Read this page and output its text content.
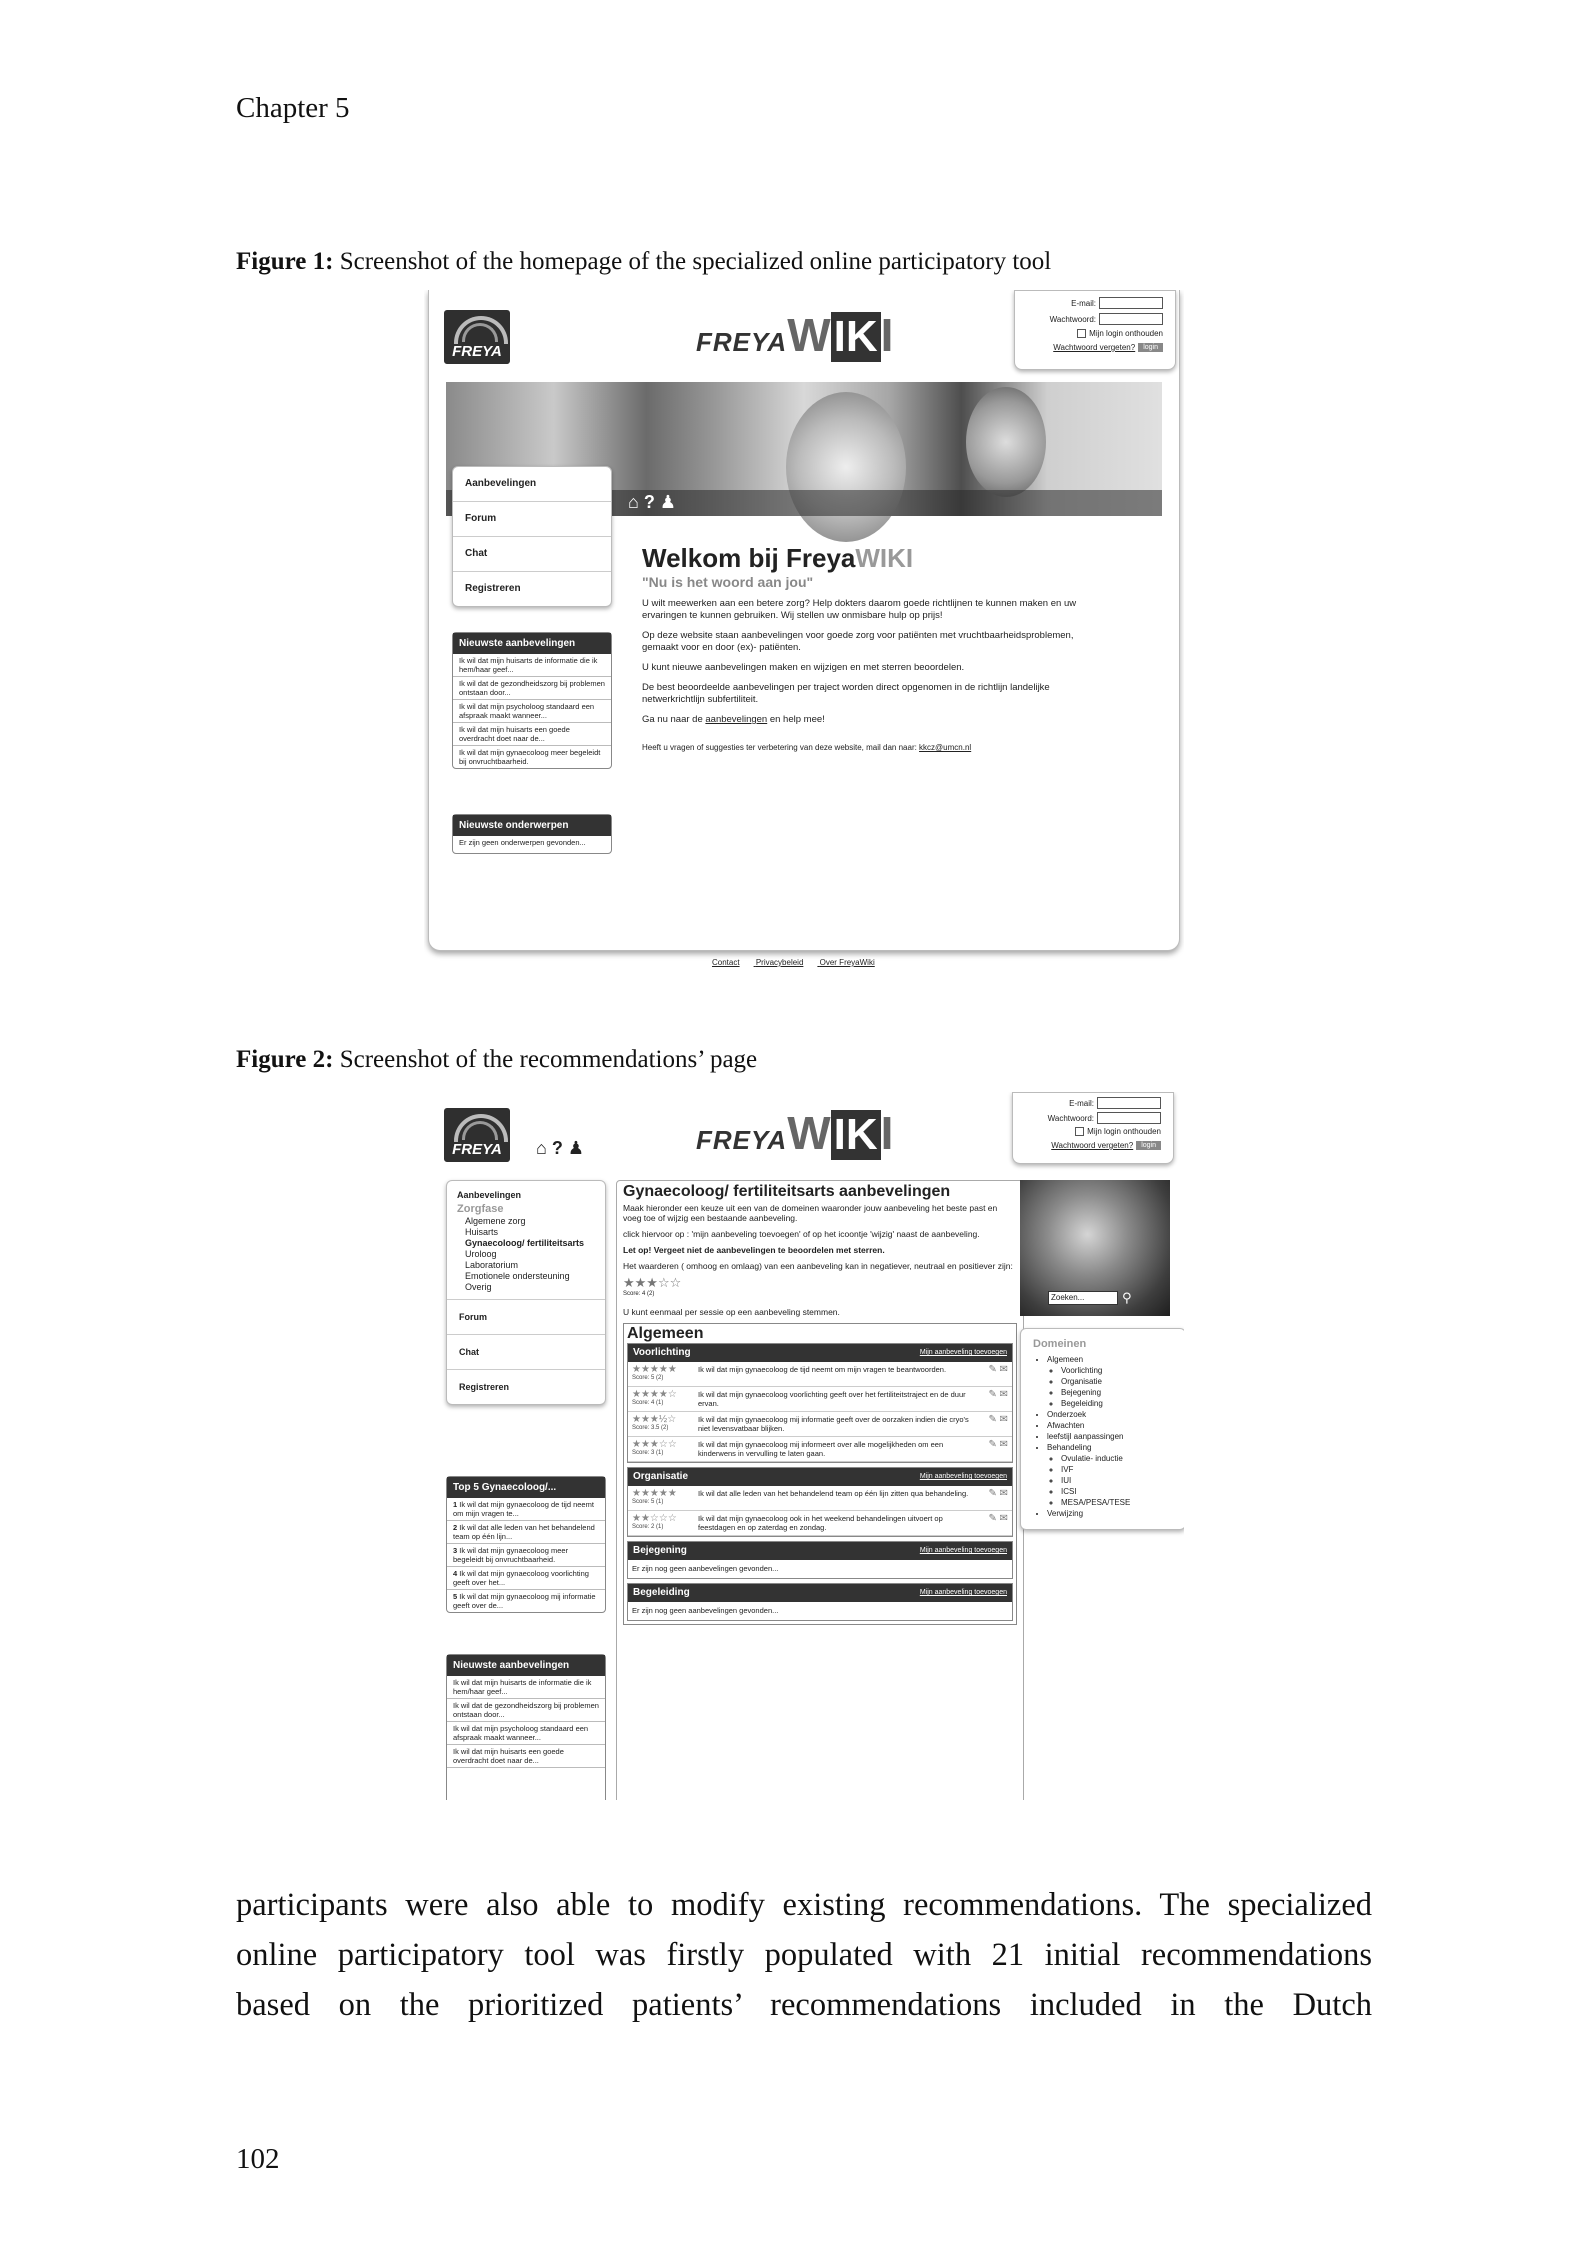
Chapter 5
Figure 1: Screenshot of the homepage of the specialized online participatory tool
FREYA	FREYAWIKI
E-mail:
Wachtwoord:
Mijn login onthouden
Wachtwoord vergeten?	login
⌂ ? ♟
Aanbevelingen
Forum
Chat
Registreren
Nieuwste aanbevelingen
Ik wil dat mijn huisarts de informatie die ik hem/haar geef...
Ik wil dat de gezondheidszorg bij problemen ontstaan door...
Ik wil dat mijn psycholoog standaard een afspraak maakt wanneer...
Ik wil dat mijn huisarts een goede overdracht doet naar de...
Ik wil dat mijn gynaecoloog meer begeleidt bij onvruchtbaarheid.
Nieuwste onderwerpen
Er zijn geen onderwerpen gevonden...
Welkom bij FreyaWIKI
"Nu is het woord aan jou"

U wilt meewerken aan een betere zorg? Help dokters daarom goede richtlijnen te kunnen maken en uw ervaringen te kunnen gebruiken. Wij stellen uw onmisbare hulp op prijs!

Op deze website staan aanbevelingen voor goede zorg voor patiënten met vruchtbaarheidsproblemen, gemaakt voor en door (ex)- patiënten.

U kunt nieuwe aanbevelingen maken en wijzigen en met sterren beoordelen.

De best beoordeelde aanbevelingen per traject worden direct opgenomen in de richtlijn landelijke netwerkrichtlijn subfertiliteit.

Ga nu naar de aanbevelingen en help mee!

Heeft u vragen of suggesties ter verbetering van deze website, mail dan naar: kkcz@umcn.nl

Contact Privacybeleid Over FreyaWiki
Figure 2: Screenshot of the recommendations’ page
FREYA	⌂ ? ♟	FREYAWIKI
E-mail:
Wachtwoord:
Mijn login onthouden
Wachtwoord vergeten?	login
Aanbevelingen
Zorgfase
Algemene zorg
Huisarts
Gynaecoloog/ fertiliteitsarts
Uroloog
Laboratorium
Emotionele ondersteuning
Overig
Forum
Chat
Registreren
Top 5 Gynaecoloog/...
1 Ik wil dat mijn gynaecoloog de tijd neemt om mijn vragen te...
2 Ik wil dat alle leden van het behandelend team op één lijn...
3 Ik wil dat mijn gynaecoloog meer begeleidt bij onvruchtbaarheid.
4 Ik wil dat mijn gynaecoloog voorlichting geeft over het...
5 Ik wil dat mijn gynaecoloog mij informatie geeft over de...
Nieuwste aanbevelingen
Ik wil dat mijn huisarts de informatie die ik hem/haar geef...
Ik wil dat de gezondheidszorg bij problemen ontstaan door...
Ik wil dat mijn psycholoog standaard een afspraak maakt wanneer...
Ik wil dat mijn huisarts een goede overdracht doet naar de...
Gynaecoloog/ fertiliteitsarts aanbevelingen

Maak hieronder een keuze uit een van de domeinen waaronder jouw aanbeveling het beste past en voeg toe of wijzig een bestaande aanbeveling.

click hiervoor op : 'mijn aanbeveling toevoegen' of op het icoontje 'wijzig' naast de aanbeveling.

Let op! Vergeet niet de aanbevelingen te beoordelen met sterren.

Het waarderen ( omhoog en omlaag) van een aanbeveling kan in negatiever, neutraal en positiever zijn:

★★★☆☆
Score: 4 (2)

U kunt eenmaal per sessie op een aanbeveling stemmen.

Algemeen
Voorlichting	Mijn aanbeveling toevoegen
★★★★★
Score: 5 (2)
Ik wil dat mijn gynaecoloog de tijd neemt om mijn vragen te beantwoorden.	✎ ✉
★★★★☆
Score: 4 (1)
Ik wil dat mijn gynaecoloog voorlichting geeft over het fertiliteitstraject en de duur ervan.
✎ ✉
★★★½☆
Score: 3.5 (2)
Ik wil dat mijn gynaecoloog mij informatie geeft over de oorzaken indien die cryo's niet levensvatbaar blijken.
✎ ✉
★★★☆☆
Score: 3 (1)
Ik wil dat mijn gynaecoloog mij informeert over alle mogelijkheden om een kinderwens in vervulling te laten gaan.
✎ ✉
Organisatie	Mijn aanbeveling toevoegen
★★★★★
Score: 5 (1)
Ik wil dat alle leden van het behandelend team op één lijn zitten qua behandeling.	✎ ✉
★★☆☆☆
Score: 2 (1)
Ik wil dat mijn gynaecoloog ook in het weekend behandelingen uitvoert op feestdagen en op zaterdag en zondag.
✎ ✉
Bejegening	Mijn aanbeveling toevoegen
Er zijn nog geen aanbevelingen gevonden...
Begeleiding	Mijn aanbeveling toevoegen
Er zijn nog geen aanbevelingen gevonden...
Zoeken...	⚲
Domeinen
• Algemeen
◦ Voorlichting
◦ Organisatie
◦ Bejegening
◦ Begeleiding
• Onderzoek
• Afwachten
• leefstijl aanpassingen
• Behandeling
◦ Ovulatie- inductie
◦ IVF
◦ IUI
◦ ICSI
◦ MESA/PESA/TESE
• Verwijzing
participants were also able to modify existing recommendations. The specialized
online participatory tool was firstly populated with 21 initial recommendations
based on the prioritized patients’ recommendations included in the Dutch
102
